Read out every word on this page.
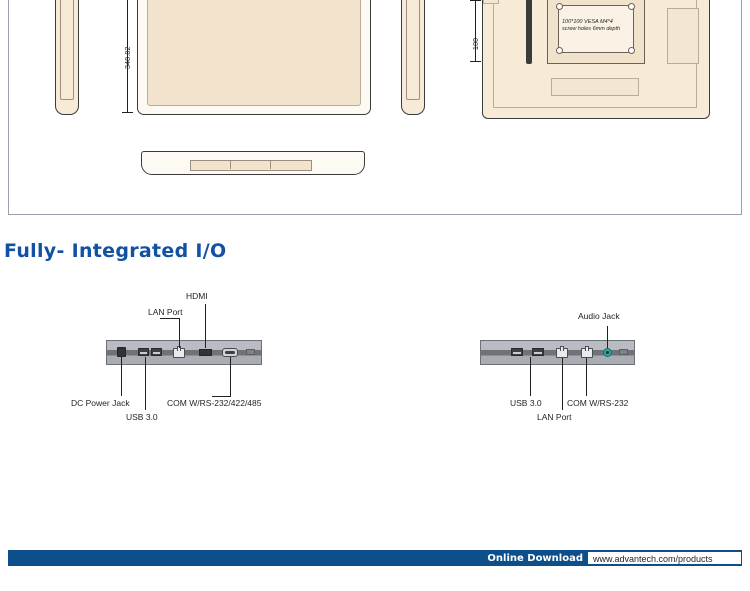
348.82
100*100 VESA M4*4
screw holes 6mm depth
100
Fully- Integrated I/O
HDMI
LAN Port
DC Power Jack
USB 3.0
COM W/RS-232/422/485
Audio Jack
USB 3.0	COM W/RS-232
LAN Port
Online Download	www.advantech.com/products
